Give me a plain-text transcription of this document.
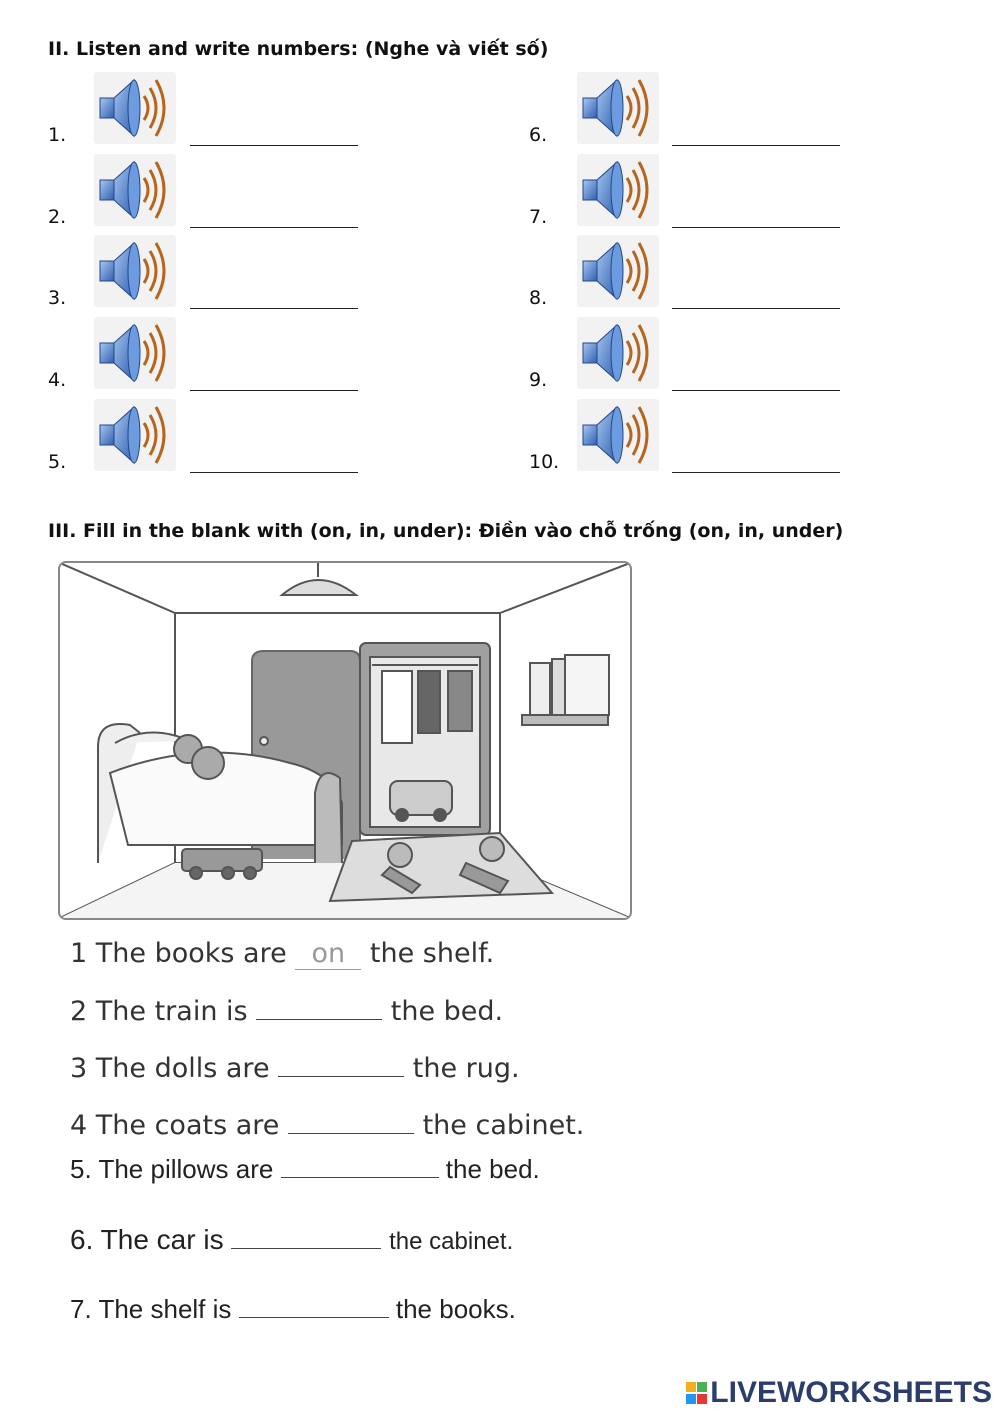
II. Listen and write numbers: (Nghe và viết số)
1.
2.
3.
4.
5.
6.
7.
8.
9.
10.
III. Fill in the blank with (on, in, under): Điền vào chỗ trống (on, in, under)
1 The books are on the shelf.
2 The train is	the bed.
3 The dolls are	the rug.
4 The coats are	the cabinet.
5. The pillows are	the bed.
6. The car is	the cabinet.
7. The shelf is	the books.
LIVEWORKSHEETS
